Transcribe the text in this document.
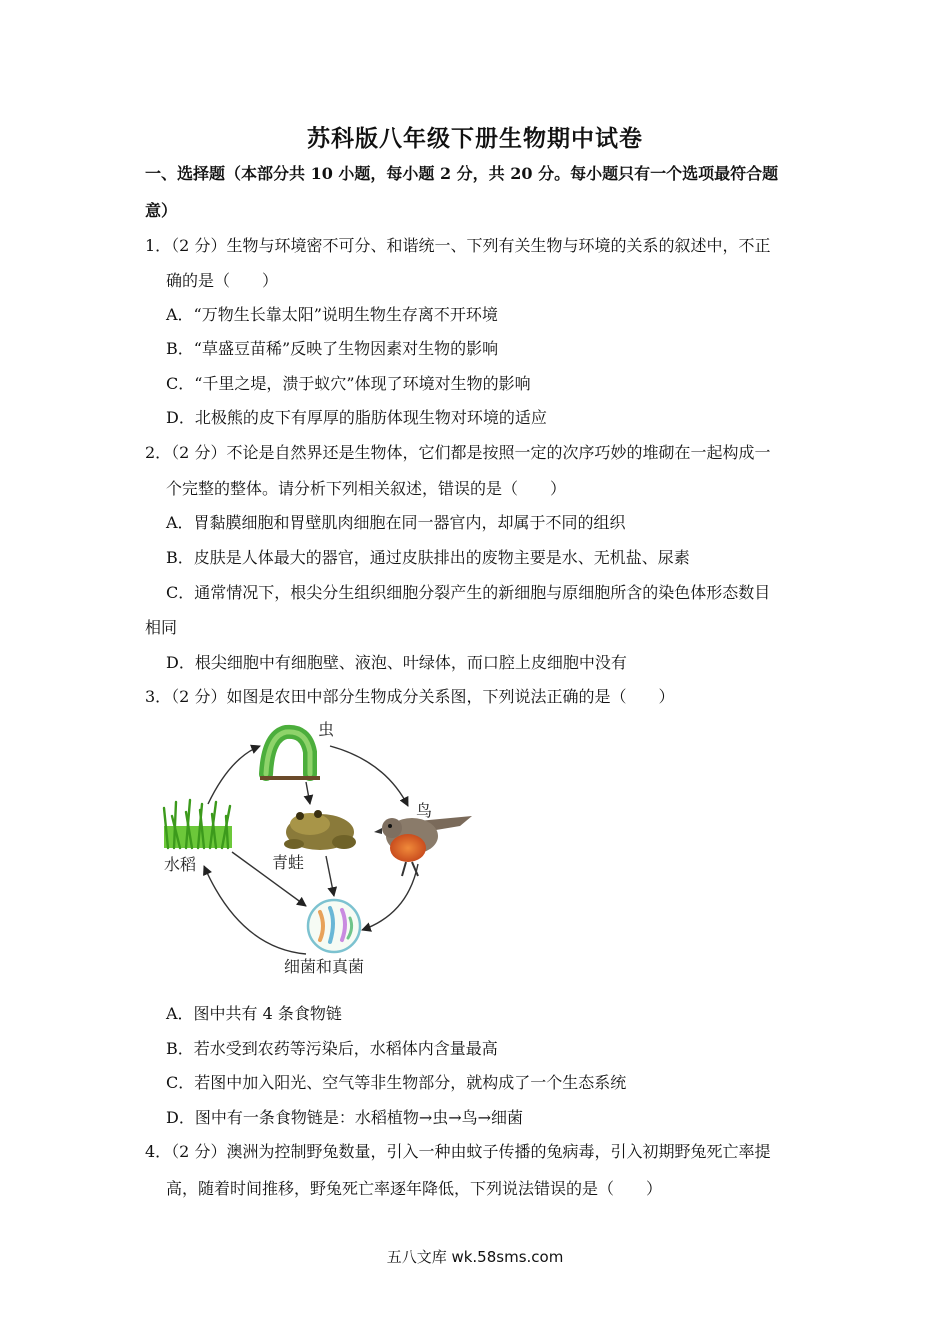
苏科版八年级下册生物期中试卷
一、选择题（本部分共 10 小题，每小题 2 分，共 20 分。每小题只有一个选项最符合题
意）
1．（2 分）生物与环境密不可分、和谐统一、下列有关生物与环境的关系的叙述中，不正
确的是（　　）
A．“万物生长靠太阳”说明生物生存离不开环境
B．“草盛豆苗稀”反映了生物因素对生物的影响
C．“千里之堤，溃于蚁穴”体现了环境对生物的影响
D．北极熊的皮下有厚厚的脂肪体现生物对环境的适应
2．（2 分）不论是自然界还是生物体，它们都是按照一定的次序巧妙的堆砌在一起构成一
个完整的整体。请分析下列相关叙述，错误的是（　　）
A．胃黏膜细胞和胃壁肌肉细胞在同一器官内，却属于不同的组织
B．皮肤是人体最大的器官，通过皮肤排出的废物主要是水、无机盐、尿素
C．通常情况下，根尖分生组织细胞分裂产生的新细胞与原细胞所含的染色体形态数目
相同
D．根尖细胞中有细胞壁、液泡、叶绿体，而口腔上皮细胞中没有
3．（2 分）如图是农田中部分生物成分关系图，下列说法正确的是（　　）
虫
鸟
水稻	青蛙
细菌和真菌
A．图中共有 4 条食物链
B．若水受到农药等污染后，水稻体内含量最高
C．若图中加入阳光、空气等非生物部分，就构成了一个生态系统
D．图中有一条食物链是：水稻植物→虫→鸟→细菌
4．（2 分）澳洲为控制野兔数量，引入一种由蚊子传播的兔病毒，引入初期野兔死亡率提
高，随着时间推移，野兔死亡率逐年降低，下列说法错误的是（　　）
五八文库 wk.58sms.com
